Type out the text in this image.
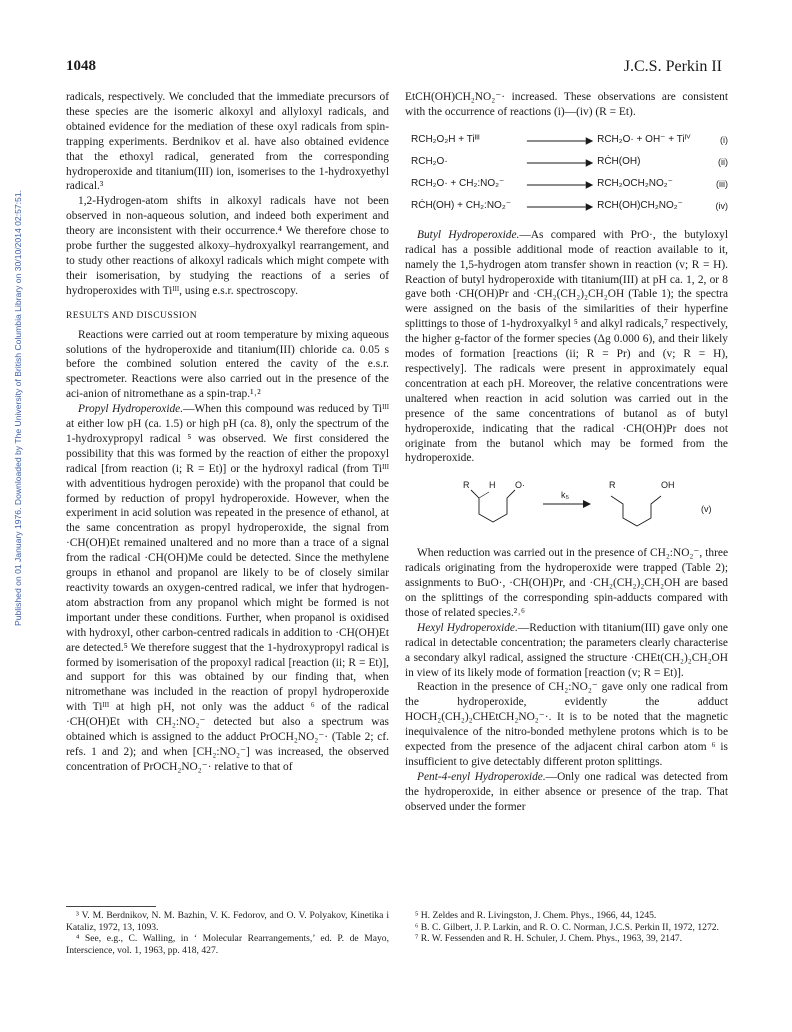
Published on 01 January 1976. Downloaded by The University of British Columbia Library on 30/10/2014 02:57:51.
1048	J.C.S. Perkin II

radicals, respectively. We concluded that the immediate precursors of these species are the isomeric alkoxyl and allyloxyl radicals, and obtained evidence for the mediation of these oxyl radicals from spin-trapping experiments. Berdnikov et al. have also obtained evidence that the ethoxyl radical, generated from the corresponding hydroperoxide and titanium(III) ion, isomerises to the 1-hydroxyethyl radical.³

1,2-Hydrogen-atom shifts in alkoxyl radicals have not been observed in non-aqueous solution, and indeed both experiment and theory are inconsistent with their occurrence.⁴ We therefore chose to probe further the suggested alkoxy–hydroxyalkyl rearrangement, and to study other reactions of alkoxyl radicals which might compete with their isomerisation, by studying the reactions of a series of hydroperoxides with Tiᴵᴵᴵ, using e.s.r. spectroscopy.

RESULTS AND DISCUSSION

Reactions were carried out at room temperature by mixing aqueous solutions of the hydroperoxide and titanium(III) chloride ca. 0.05 s before the combined solution entered the cavity of the e.s.r. spectrometer. Reactions were also carried out in the presence of the aci-anion of nitromethane as a spin-trap.¹˒²

Propyl Hydroperoxide.—When this compound was reduced by Tiᴵᴵᴵ at either low pH (ca. 1.5) or high pH (ca. 8), only the spectrum of the 1-hydroxypropyl radical ⁵ was observed. We first considered the possibility that this was formed by the reaction of either the propoxyl radical [from reaction (i; R = Et)] or the hydroxyl radical (from Tiᴵᴵᴵ with adventitious hydrogen peroxide) with the propanol that could be formed by reduction of propyl hydroperoxide. However, when the experiment in acid solution was repeated in the presence of ethanol, at the same concentration as propyl hydroperoxide, the signal from ·CH(OH)Et remained unaltered and no more than a trace of a signal from the radical ·CH(OH)Me could be detected. Since the methylene groups in ethanol and propanol are likely to be of closely similar reactivity towards an oxygen-centred radical, we infer that hydrogen-atom abstraction from any propanol which might be formed is not important under these conditions. Further, when propanol is oxidised with hydroxyl, other carbon-centred radicals in addition to ·CH(OH)Et are detected.⁵ We therefore suggest that the 1-hydroxypropyl radical is formed by isomerisation of the propoxyl radical [reaction (ii; R = Et)], and support for this was obtained by our finding that, when nitromethane was included in the reaction of propyl hydroperoxide with Tiᴵᴵᴵ at high pH, not only was the adduct ⁶ of the radical ·CH(OH)Et with CH₂:NO₂⁻ detected but also a spectrum was obtained which is assigned to the adduct PrOCH₂NO₂⁻· (Table 2; cf. refs. 1 and 2); and when [CH₂:NO₂⁻] was increased, the observed concentration of PrOCH₂NO₂⁻· relative to that of

EtCH(OH)CH₂NO₂⁻· increased. These observations are consistent with the occurrence of reactions (i)—(iv) (R = Et).

RCH₂O₂H + Tiᴵᴵᴵ	RCH₂O· + OH⁻ + Tiᴵⱽ	(i)
RCH₂O·	RĊH(OH)	(ii)
RCH₂O· + CH₂:NO₂⁻	RCH₂OCH₂NO₂⁻	(iii)
RĊH(OH) + CH₂:NO₂⁻	RCH(OH)CH₂NO₂⁻	(iv)

Butyl Hydroperoxide.—As compared with PrO·, the butyloxyl radical has a possible additional mode of reaction available to it, namely the 1,5-hydrogen atom transfer shown in reaction (v; R = H). Reaction of butyl hydroperoxide with titanium(III) at pH ca. 1, 2, or 8 gave both ·CH(OH)Pr and ·CH₂(CH₂)₂CH₂OH (Table 1); the spectra were assigned on the basis of the similarities of their hyperfine splittings to those of 1-hydroxyalkyl ⁵ and alkyl radicals,⁷ respectively, the higher g-factor of the former species (Δg 0.000 6), and their likely modes of formation [reactions (ii; R = Pr) and (v; R = H), respectively]. The radicals were present in approximately equal concentration at each pH. Moreover, the relative concentrations were unaltered when reaction in acid solution was carried out in the presence of the same concentrations of butanol as of butyl hydroperoxide, indicating that the radical ·CH(OH)Pr does not originate from the butanol which may be formed from the hydroperoxide.

R H O·
k₅
R	OH
(v)

When reduction was carried out in the presence of CH₂:NO₂⁻, three radicals originating from the hydroperoxide were trapped (Table 2); assignments to BuO·, ·CH(OH)Pr, and ·CH₂(CH₂)₂CH₂OH are based on the splittings of the corresponding spin-adducts compared with those of related species.²˒⁶

Hexyl Hydroperoxide.—Reduction with titanium(III) gave only one radical in detectable concentration; the parameters clearly characterise a secondary alkyl radical, assigned the structure ·CHEt(CH₂)₂CH₂OH in view of its likely mode of formation [reaction (v; R = Et)].

Reaction in the presence of CH₂:NO₂⁻ gave only one radical from the hydroperoxide, evidently the adduct HOCH₂(CH₂)₂CHEtCH₂NO₂⁻·. It is to be noted that the magnetic inequivalence of the nitro-bonded methylene protons which is to be expected from the presence of the adjacent chiral carbon atom ⁶ is insufficient to give detectably different proton splittings.

Pent-4-enyl Hydroperoxide.—Only one radical was detected from the hydroperoxide, in either absence or presence of the trap. That observed under the former

³ V. M. Berdnikov, N. M. Bazhin, V. K. Fedorov, and O. V. Polyakov, Kinetika i Kataliz, 1972, 13, 1093.

⁴ See, e.g., C. Walling, in ‘ Molecular Rearrangements,’ ed. P. de Mayo, Interscience, vol. 1, 1963, pp. 418, 427.

⁵ H. Zeldes and R. Livingston, J. Chem. Phys., 1966, 44, 1245.

⁶ B. C. Gilbert, J. P. Larkin, and R. O. C. Norman, J.C.S. Perkin II, 1972, 1272.

⁷ R. W. Fessenden and R. H. Schuler, J. Chem. Phys., 1963, 39, 2147.
